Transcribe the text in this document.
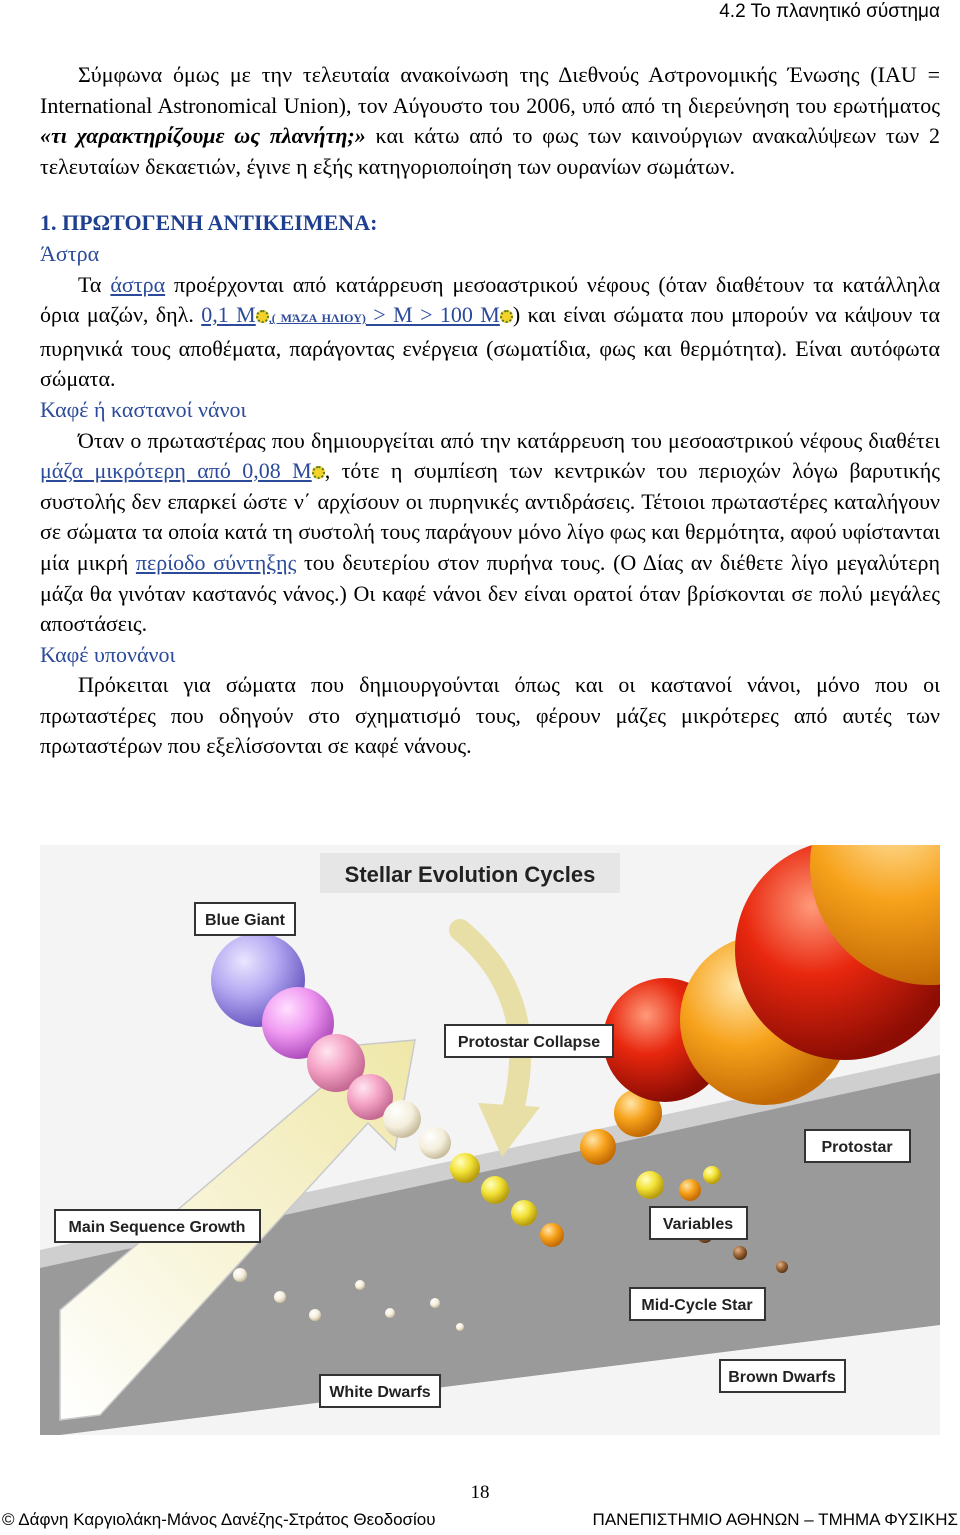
4.2 Το πλανητικό σύστημα

Σύμφωνα όμως με την τελευταία ανακοίνωση της Διεθνούς Αστρονομικής Ένωσης (IAU = International Astronomical Union), τον Αύγουστο του 2006, υπό από τη διερεύνηση του ερωτήματος «τι χαρακτηρίζουμε ως πλανήτη;» και κάτω από το φως των καινούργιων ανακαλύψεων των 2 τελευταίων δεκαετιών, έγινε η εξής κατηγοριοποίηση των ουρανίων σωμάτων.

1. ΠΡΩΤΟΓΕΝΗ ΑΝΤΙΚΕΙΜΕΝΑ:

Άστρα

Τα άστρα προέρχονται από κατάρρευση μεσοαστρικού νέφους (όταν διαθέτουν τα κατάλληλα όρια μαζών, δηλ. 0,1 Μ ,( ΜΆΖΑ ΗΛΙΟΥ) > Μ > 100 Μ ) και είναι σώματα που μπορούν να κάψουν τα πυρηνικά τους αποθέματα, παράγοντας ενέργεια (σωματίδια, φως και θερμότητα). Είναι αυτόφωτα σώματα.

Καφέ ή καστανοί νάνοι

Όταν ο πρωταστέρας που δημιουργείται από την κατάρρευση του μεσοαστρικού νέφους διαθέτει μάζα μικρότερη από 0,08 Μ , τότε η συμπίεση των κεντρικών του περιοχών λόγω βαρυτικής συστολής δεν επαρκεί ώστε ν΄ αρχίσουν οι πυρηνικές αντιδράσεις. Τέτοιοι πρωταστέρες καταλήγουν σε σώματα τα οποία κατά τη συστολή τους παράγουν μόνο λίγο φως και θερμότητα, αφού υφίστανται μία μικρή περίοδο σύντηξης του δευτερίου στον πυρήνα τους. (Ο Δίας αν διέθετε λίγο μεγαλύτερη μάζα θα γινόταν καστανός νάνος.) Οι καφέ νάνοι δεν είναι ορατοί όταν βρίσκονται σε πολύ μεγάλες αποστάσεις.

Καφέ υπονάνοι

Πρόκειται για σώματα που δημιουργούνται όπως και οι καστανοί νάνοι, μόνο που οι πρωταστέρες που οδηγούν στο σχηματισμό τους, φέρουν μάζες μικρότερες από αυτές των πρωταστέρων που εξελίσσονται σε καφέ νάνους.

Stellar Evolution Cycles
Blue Giant
Protostar Collapse
Protostar
Main Sequence Growth	Variables
Mid-Cycle Star
White Dwarfs
Brown Dwarfs
18
© Δάφνη Καργιολάκη-Μάνος Δανέζης-Στράτος Θεοδοσίου	ΠΑΝΕΠΙΣΤΗΜΙΟ ΑΘΗΝΩΝ – ΤΜΗΜΑ ΦΥΣΙΚΗΣ
